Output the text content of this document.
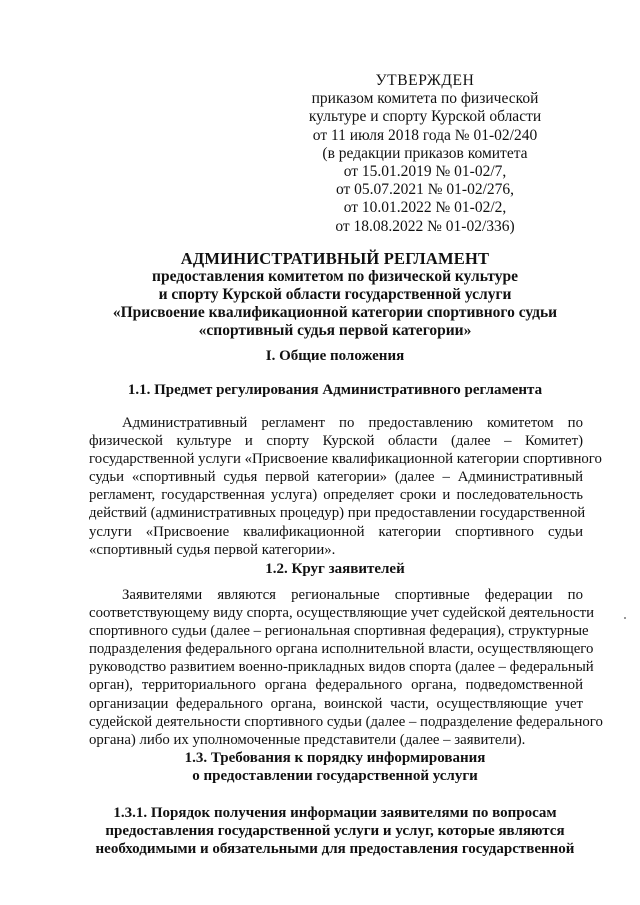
УТВЕРЖДЕН
приказом комитета по физической
культуре и спорту Курской области
от 11 июля 2018 года № 01-02/240
(в редакции приказов комитета
от 15.01.2019 № 01-02/7,
от 05.07.2021 № 01-02/276,
от 10.01.2022 № 01-02/2,
от 18.08.2022 № 01-02/336)
АДМИНИСТРАТИВНЫЙ РЕГЛАМЕНТ
предоставления комитетом по физической культуре
и спорту Курской области государственной услуги
«Присвоение квалификационной категории спортивного судьи
«спортивный судья первой категории»
I. Общие положения
1.1. Предмет регулирования Административного регламента
Административный регламент по предоставлению комитетом по
физической культуре и спорту Курской области (далее – Комитет)
государственной услуги «Присвоение квалификационной категории спортивного
судьи «спортивный судья первой категории» (далее – Административный
регламент, государственная услуга) определяет сроки и последовательность
действий (административных процедур) при предоставлении государственной
услуги «Присвоение квалификационной категории спортивного судьи
«спортивный судья первой категории».
1.2. Круг заявителей
Заявителями являются региональные спортивные федерации по
соответствующему виду спорта, осуществляющие учет судейской деятельности
спортивного судьи (далее – региональная спортивная федерация), структурные
подразделения федерального органа исполнительной власти, осуществляющего
руководство развитием военно-прикладных видов спорта (далее – федеральный
орган), территориального органа федерального органа, подведомственной
организации федерального органа, воинской части, осуществляющие учет
судейской деятельности спортивного судьи (далее – подразделение федерального
органа) либо их уполномоченные представители (далее – заявители).
1.3. Требования к порядку информирования
о предоставлении государственной услуги
1.3.1. Порядок получения информации заявителями по вопросам
предоставления государственной услуги и услуг, которые являются
необходимыми и обязательными для предоставления государственной
